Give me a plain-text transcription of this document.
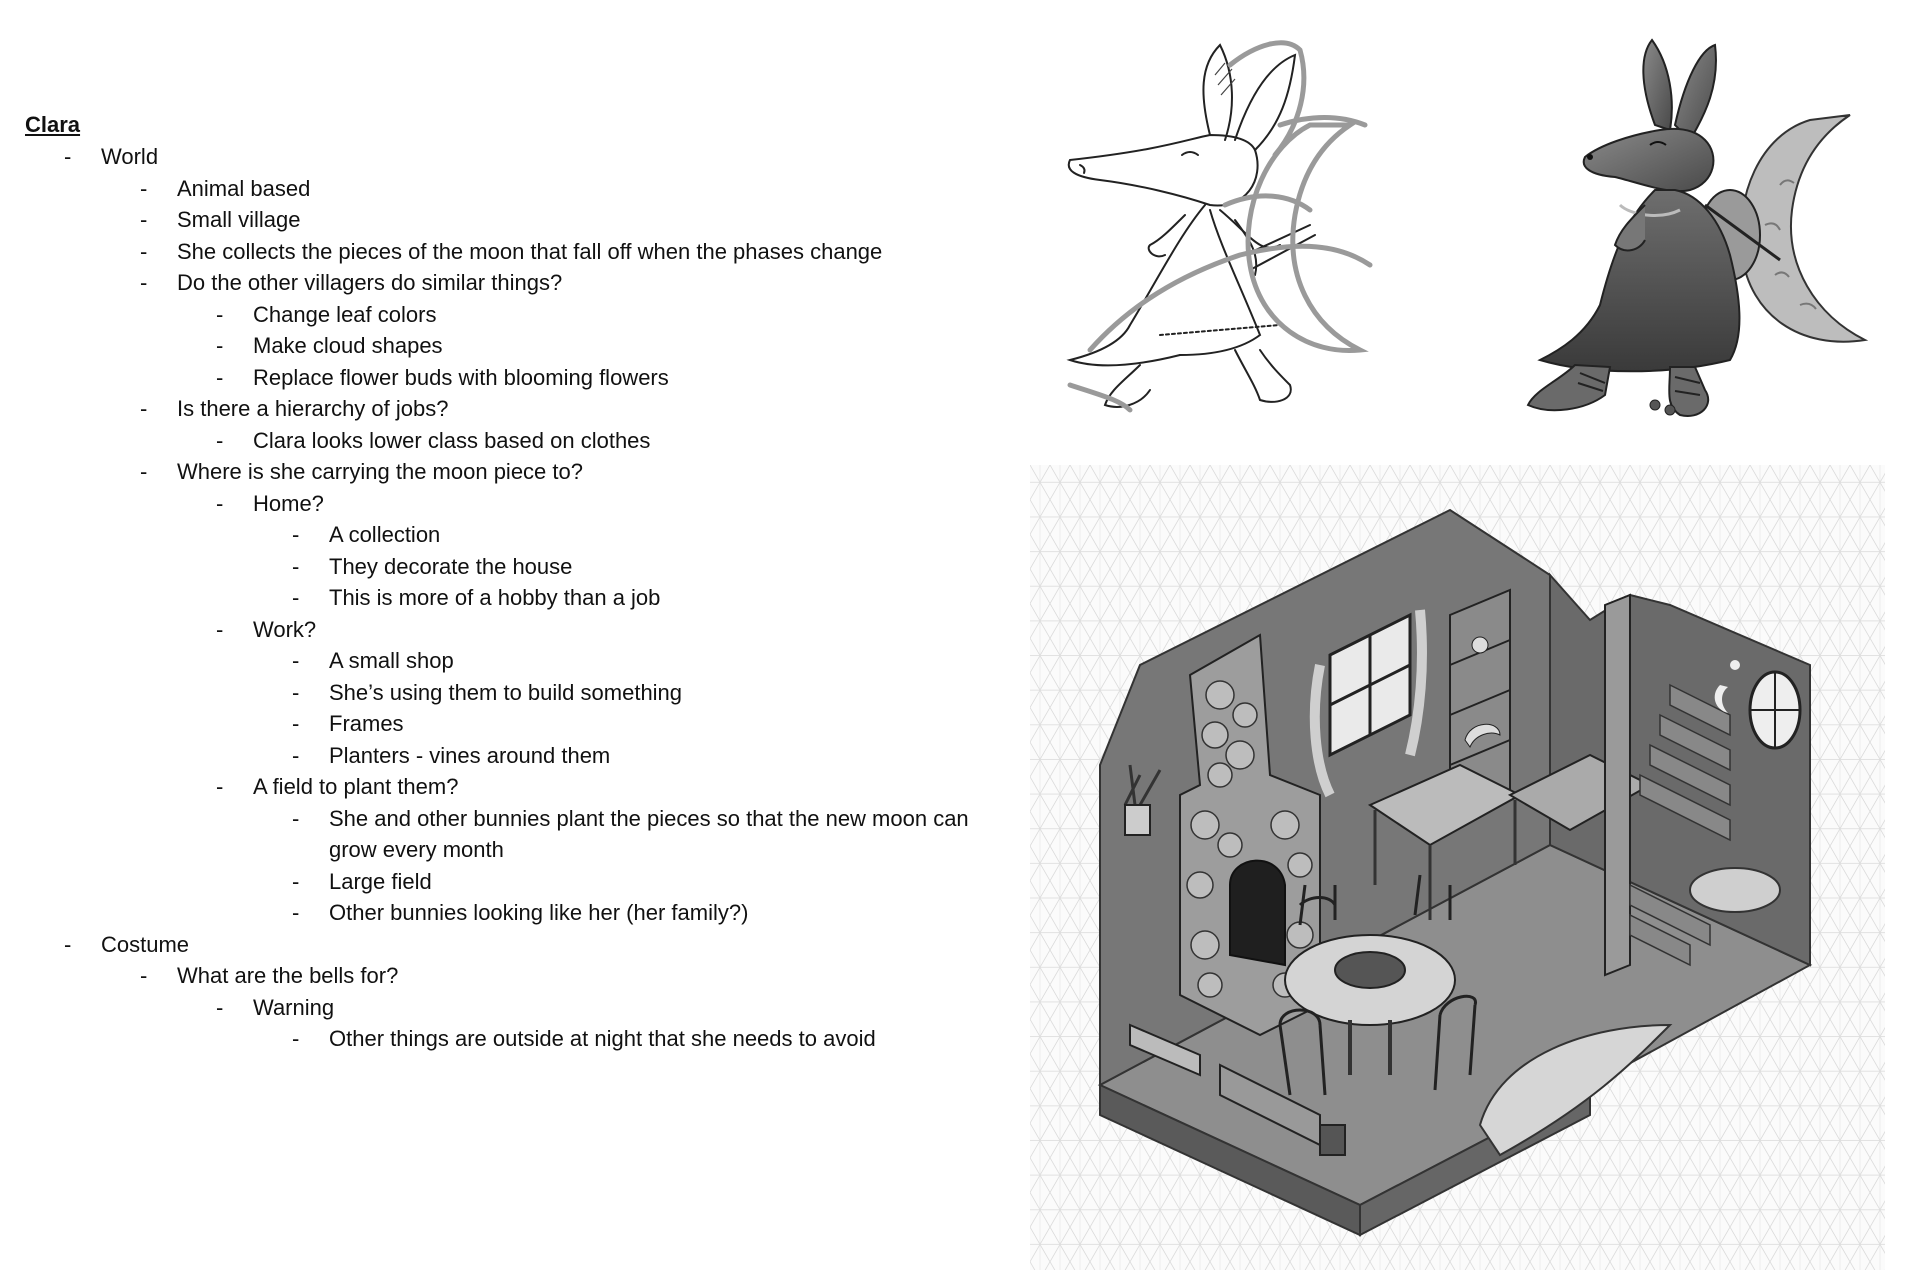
Clara
- World
- Animal based
- Small village
- She collects the pieces of the moon that fall off when the phases change
- Do the other villagers do similar things?
- Change leaf colors
- Make cloud shapes
- Replace flower buds with blooming flowers
- Is there a hierarchy of jobs?
- Clara looks lower class based on clothes
- Where is she carrying the moon piece to?
- Home?
- A collection
- They decorate the house
- This is more of a hobby than a job
- Work?
- A small shop
- She’s using them to build something
- Frames
- Planters - vines around them
- A field to plant them?
- She and other bunnies plant the pieces so that the new moon can
grow every month
- Large field
- Other bunnies looking like her (her family?)
- Costume
- What are the bells for?
- Warning
- Other things are outside at night that she needs to avoid
